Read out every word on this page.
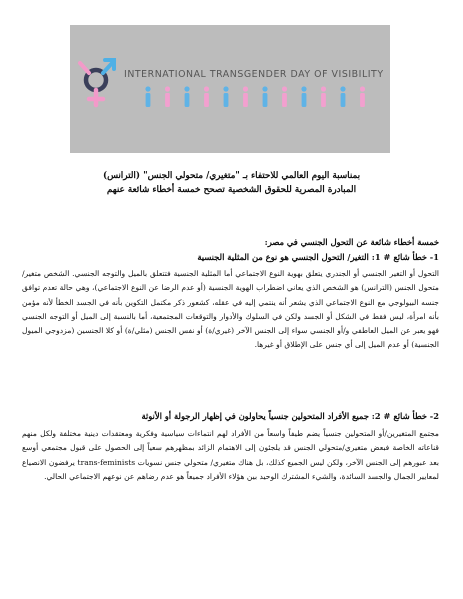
INTERNATIONAL TRANSGENDER DAY OF VISIBILITY
بمناسبة اليوم العالمي للاحتفاء بـ "متغيري/ متحولي الجنس" (الترانس)
المبادرة المصرية للحقوق الشخصية تصحح خمسة أخطاء شائعة عنهم
خمسة أخطاء شائعة عن التحول الجنسي في مصر:
1- خطأ شائع # 1: التغير/ التحول الجنسي هو نوع من المثلية الجنسية
التحول أو التغير الجنسي أو الجندري يتعلق بهوية النوع الاجتماعي أما المثلية الجنسية فتتعلق بالميل والتوجه الجنسي. الشخص متغير/متحول الجنس (الترانس) هو الشخص الذي يعاني اضطراب الهوية الجنسية (أو عدم الرضا عن النوع الاجتماعي)، وهي حالة تعدم توافق جنسه البيولوجي مع النوع الاجتماعي الذي يشعر أنه ينتمي إليه في عقله، كشعور ذكر مكتمل التكوين بأنه في الجسد الخطأ لأنه مؤمن بأنه امرأة، ليس فقط في الشكل أو الجسد ولكن في السلوك والأدوار والتوقعات المجتمعية، أما بالنسبة إلى الميل أو التوجه الجنسي فهو يعبر عن الميل العاطفي و/أو الجنسي سواء إلى الجنس الآخر (غيري/ة) أو نفس الجنس (مثلي/ة) أو كلا الجنسين (مزدوجي الميول الجنسية) أو عدم الميل إلى أي جنس على الإطلاق أو غيرها.
2- خطأ شائع # 2: جميع الأفراد المتحولين جنسياً يحاولون في إظهار الرجولة أو الأنوثة
مجتمع المتغيرين/أو المتحولين جنسياً يضم طيفاً واسعاً من الأفراد لهم انتماءات سياسية وفكرية ومعتقدات دينية مختلفة ولكل منهم قناعاته الخاصة فبعض متغيري/متحولي الجنس قد يلجئون إلى الاهتمام الزائد بمظهرهم سعياً إلى الحصول على قبول مجتمعي أوسع بعد عبورهم إلى الجنس الآخر، ولكن ليس الجميع كذلك، بل هناك متغيري/ متحولي جنس نسويات trans-feminists يرفضون الانصياع لمعايير الجمال والجسد السائدة، والشيء المشترك الوحيد بين هؤلاء الأفراد جميعاً هو عدم رضاهم عن نوعهم الاجتماعي الحالي.
